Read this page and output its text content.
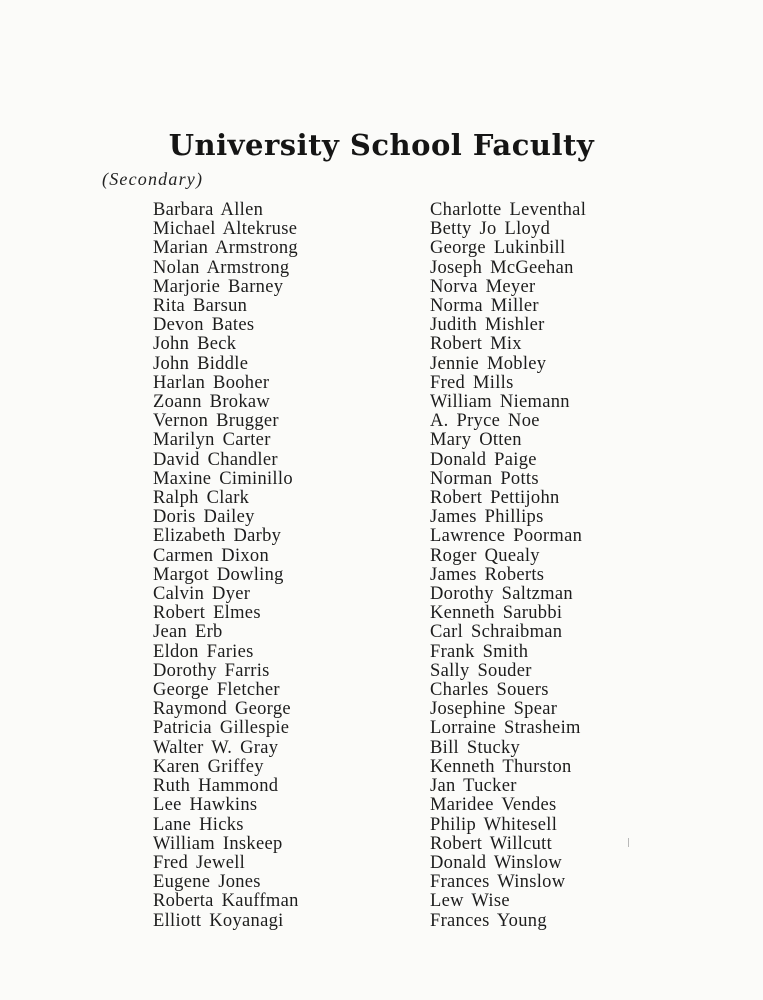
University School Faculty
(Secondary)
Barbara Allen
Michael Altekruse
Marian Armstrong
Nolan Armstrong
Marjorie Barney
Rita Barsun
Devon Bates
John Beck
John Biddle
Harlan Booher
Zoann Brokaw
Vernon Brugger
Marilyn Carter
David Chandler
Maxine Ciminillo
Ralph Clark
Doris Dailey
Elizabeth Darby
Carmen Dixon
Margot Dowling
Calvin Dyer
Robert Elmes
Jean Erb
Eldon Faries
Dorothy Farris
George Fletcher
Raymond George
Patricia Gillespie
Walter W. Gray
Karen Griffey
Ruth Hammond
Lee Hawkins
Lane Hicks
William Inskeep
Fred Jewell
Eugene Jones
Roberta Kauffman
Elliott Koyanagi
Charlotte Leventhal
Betty Jo Lloyd
George Lukinbill
Joseph McGeehan
Norva Meyer
Norma Miller
Judith Mishler
Robert Mix
Jennie Mobley
Fred Mills
William Niemann
A. Pryce Noe
Mary Otten
Donald Paige
Norman Potts
Robert Pettijohn
James Phillips
Lawrence Poorman
Roger Quealy
James Roberts
Dorothy Saltzman
Kenneth Sarubbi
Carl Schraibman
Frank Smith
Sally Souder
Charles Souers
Josephine Spear
Lorraine Strasheim
Bill Stucky
Kenneth Thurston
Jan Tucker
Maridee Vendes
Philip Whitesell
Robert Willcutt
Donald Winslow
Frances Winslow
Lew Wise
Frances Young
